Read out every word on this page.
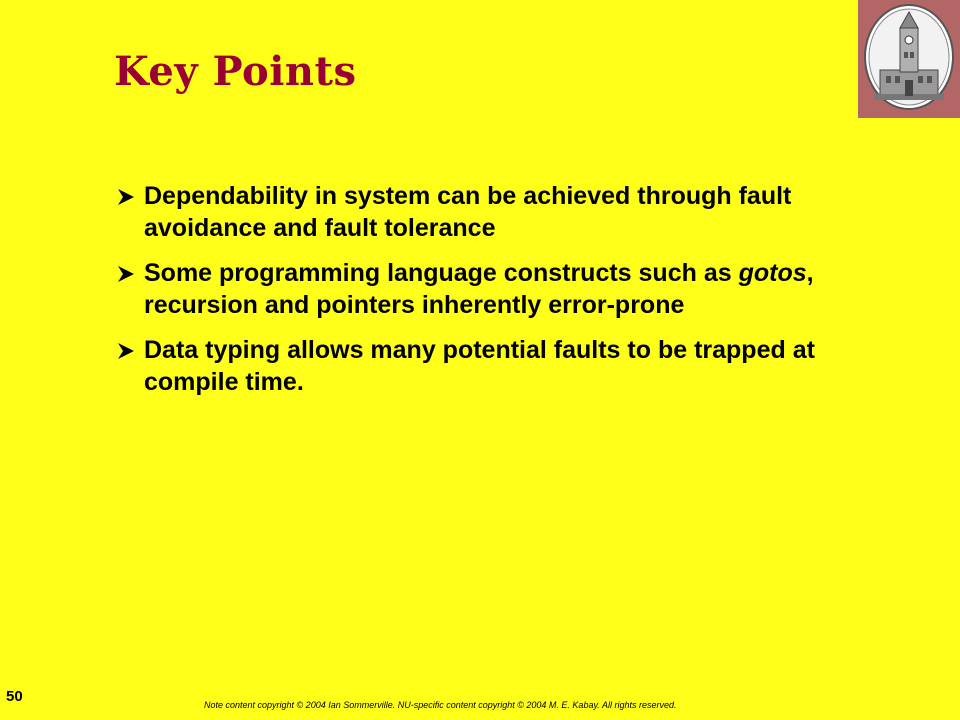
Key Points
Dependability in system can be achieved through fault avoidance and fault tolerance
Some programming language constructs such as gotos, recursion and pointers inherently error-prone
Data typing allows many potential faults to be trapped at compile time.
50	Note content copyright © 2004 Ian Sommerville. NU-specific content copyright © 2004 M. E. Kabay. All rights reserved.
